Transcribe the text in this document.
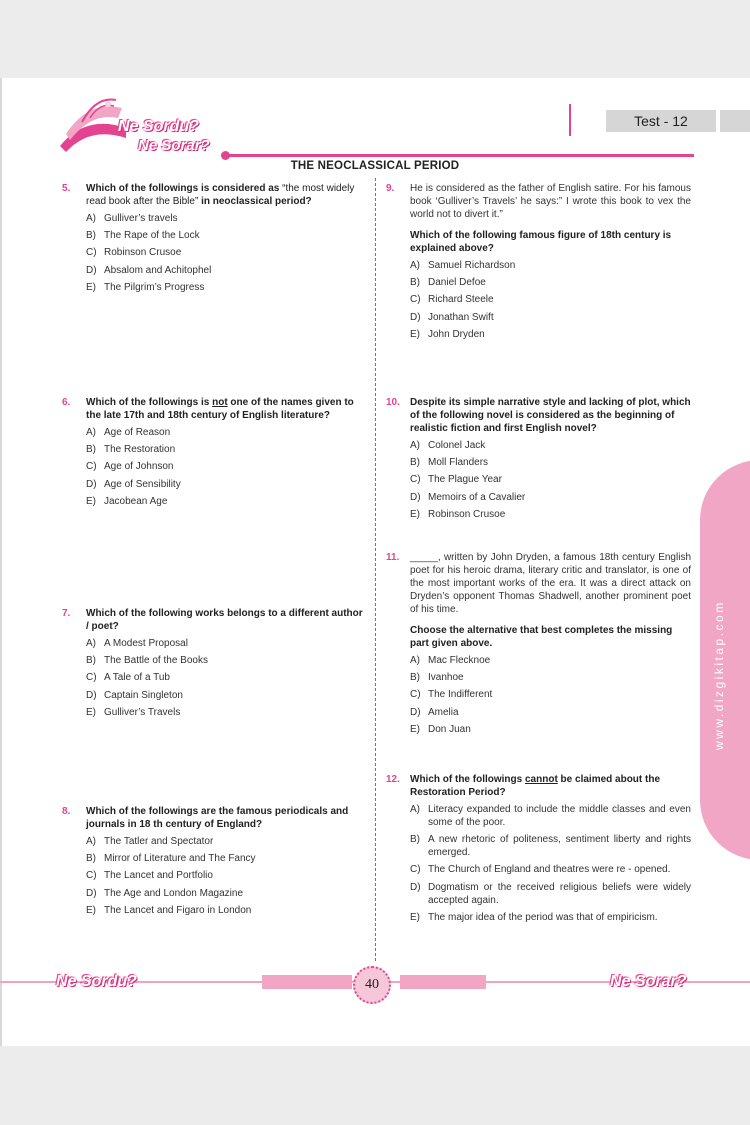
Ne Sordu?
Ne Sorar?
Test - 12
THE NEOCLASSICAL PERIOD
www.dizgikitap.com
5. Which of the followings is considered as “the most widely read book after the Bible” in neoclassical period?
A) Gulliver’s travels
B) The Rape of the Lock
C) Robinson Crusoe
D) Absalom and Achitophel
E) The Pilgrim’s Progress
6. Which of the followings is not one of the names given to the late 17th and 18th century of English literature?
A) Age of Reason
B) The Restoration
C) Age of Johnson
D) Age of Sensibility
E) Jacobean Age
7. Which of the following works belongs to a different author / poet?
A) A Modest Proposal
B) The Battle of the Books
C) A Tale of a Tub
D) Captain Singleton
E) Gulliver’s Travels
8. Which of the followings are the famous periodicals and journals in 18 th century of England?
A) The Tatler and Spectator
B) Mirror of Literature and The Fancy
C) The Lancet and Portfolio
D) The Age and London Magazine
E) The Lancet and Figaro in London
9. He is considered as the father of English satire. For his famous book ‘Gulliver’s Travels’ he says:” I wrote this book to vex the world not to divert it.”
Which of the following famous figure of 18th century is explained above?
A) Samuel Richardson
B) Daniel Defoe
C) Richard Steele
D) Jonathan Swift
E) John Dryden
10. Despite its simple narrative style and lacking of plot, which of the following novel is considered as the beginning of realistic fiction and first English novel?
A) Colonel Jack
B) Moll Flanders
C) The Plague Year
D) Memoirs of a Cavalier
E) Robinson Crusoe
11. _____, written by John Dryden, a famous 18th century English poet for his heroic drama, literary critic and translator, is one of the most important works of the era. It was a direct attack on Dryden’s opponent Thomas Shadwell, another prominent poet of his time.
Choose the alternative that best completes the missing part given above.
A) Mac Flecknoe
B) Ivanhoe
C) The Indifferent
D) Amelia
E) Don Juan
12. Which of the followings cannot be claimed about the Restoration Period?
A) Literacy expanded to include the middle classes and even some of the poor.
B) A new rhetoric of politeness, sentiment liberty and rights emerged.
C) The Church of England and theatres were re - opened.
D) Dogmatism or the received religious beliefs were widely accepted again.
E) The major idea of the period was that of empiricism.
Ne Sordu?	Ne Sorar?
40
